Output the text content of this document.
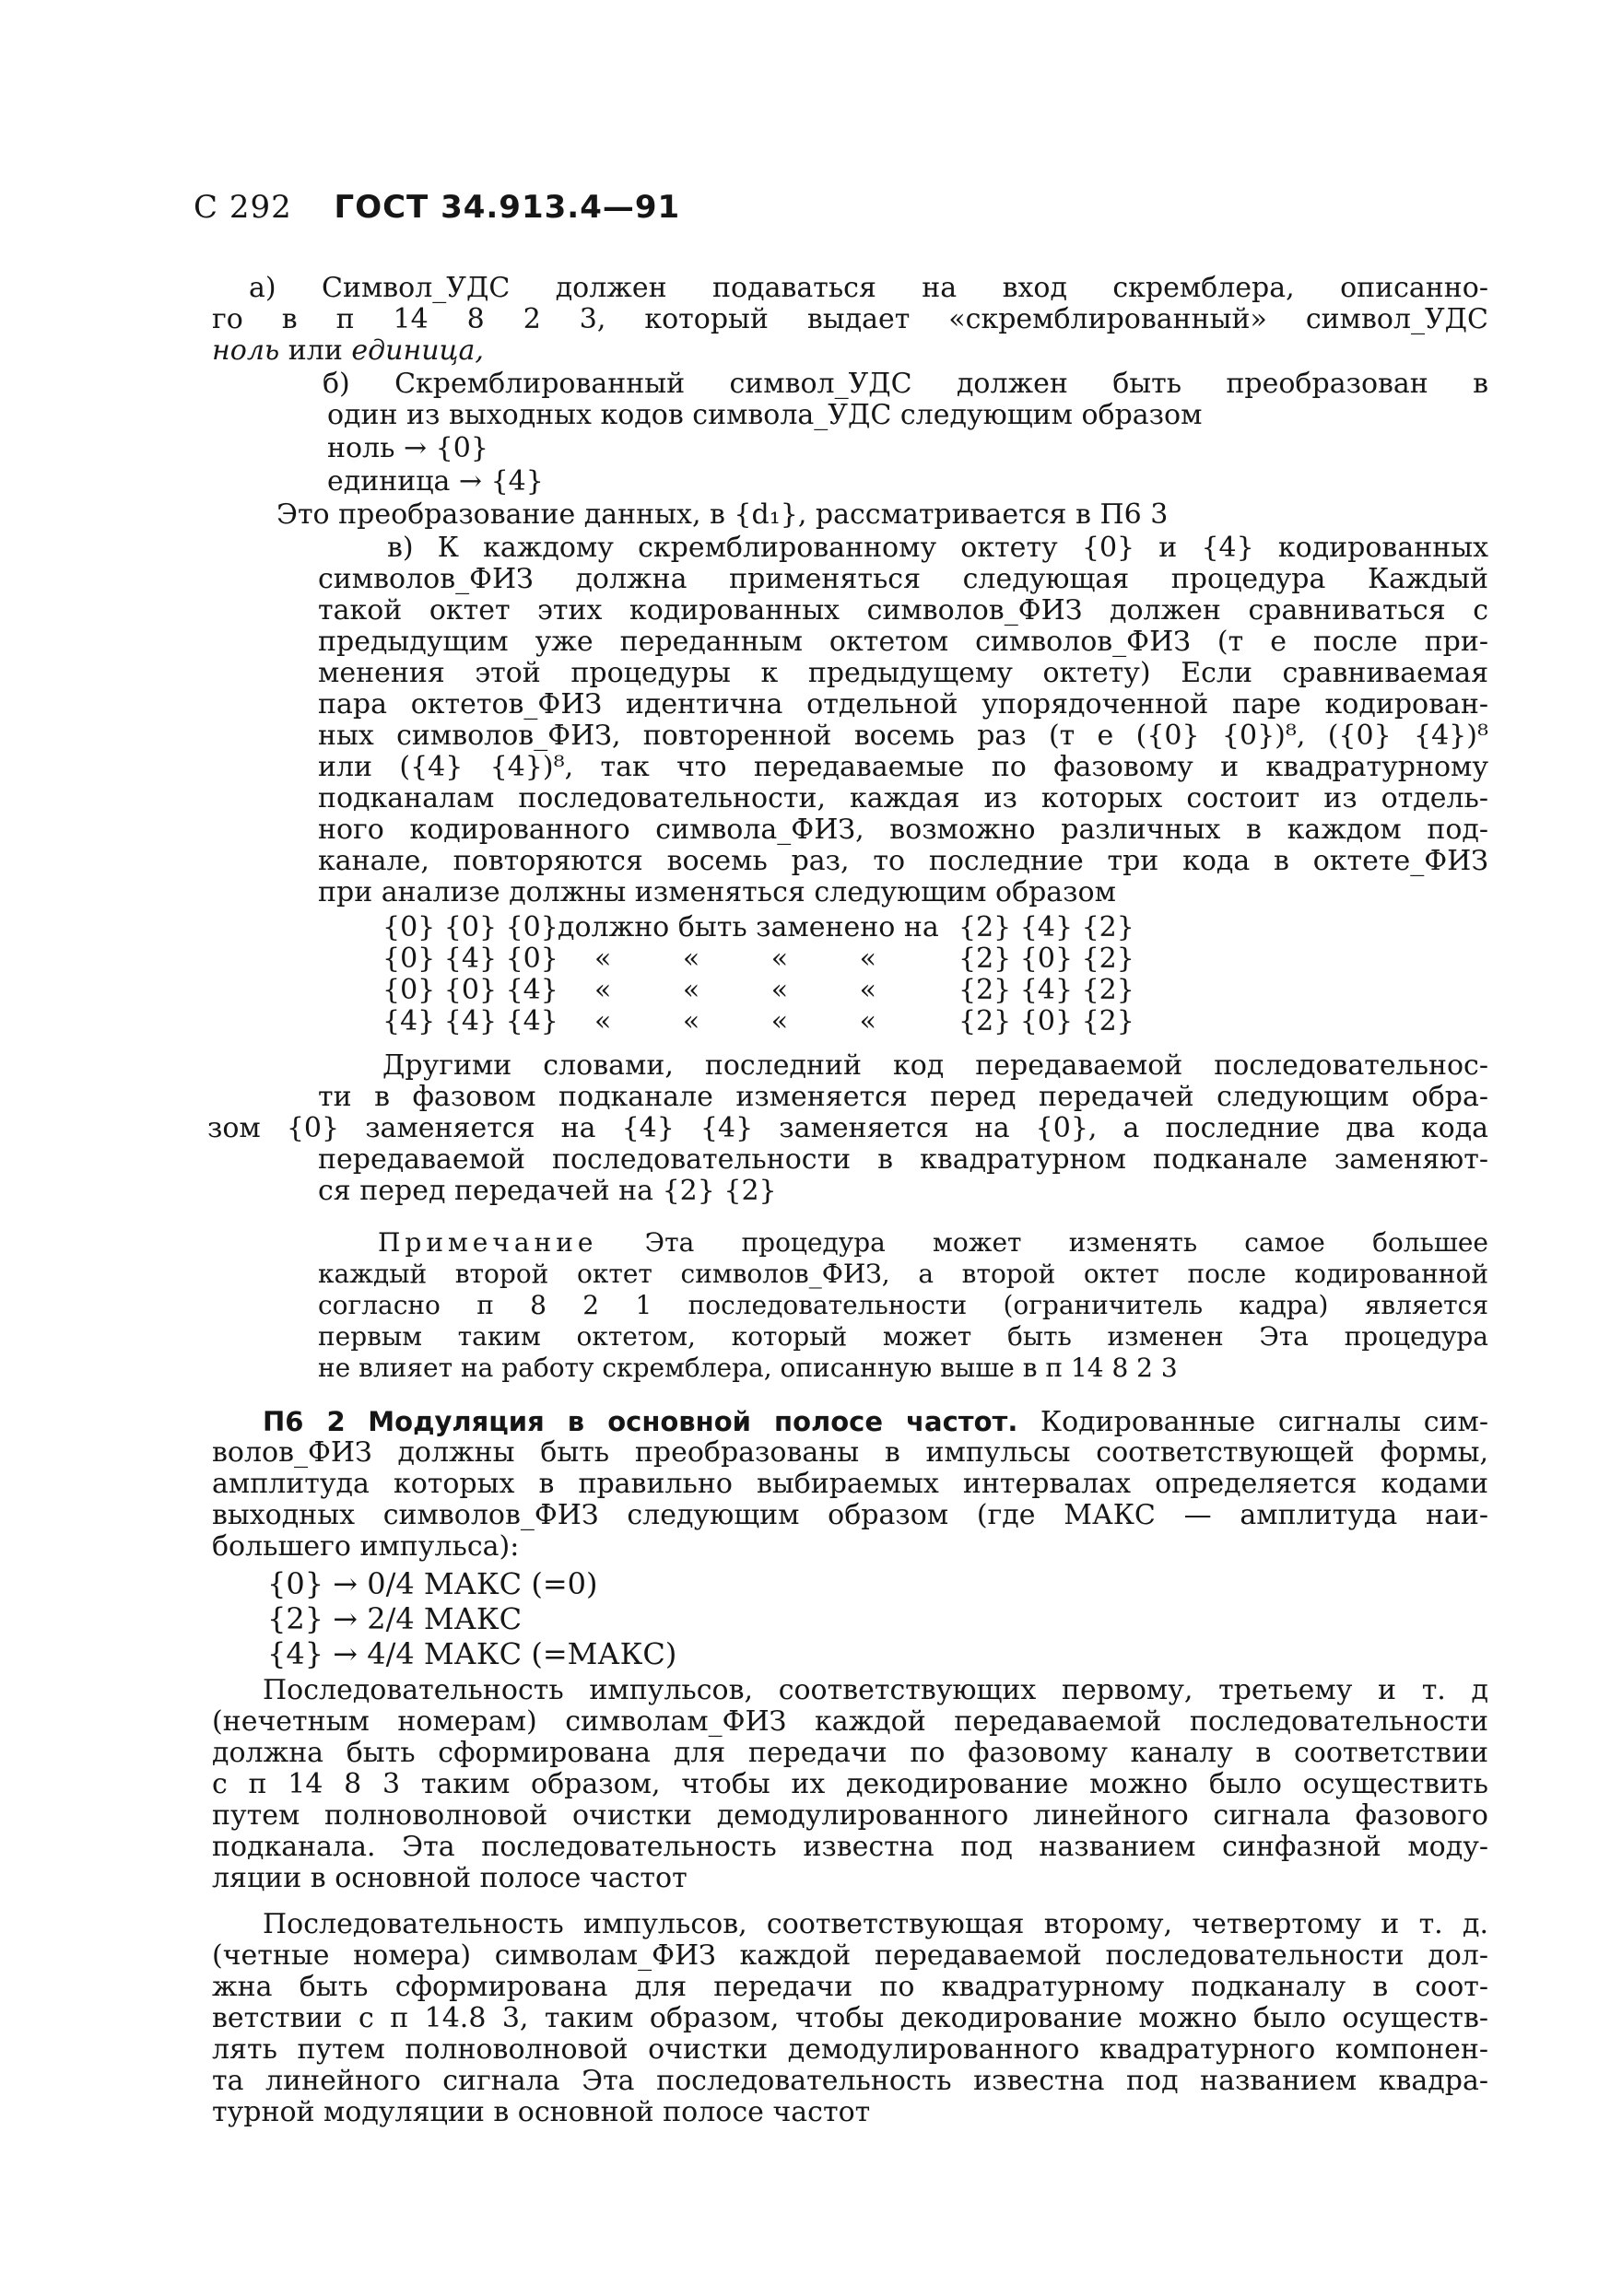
C 292 ГОСТ 34.913.4—91
а) Символ_УДС должен подаваться на вход скремблера, описанно-
го в п 14 8 2 3, который выдает «скремблированный» символ_УДС
ноль или единица,
б) Скремблированный символ_УДС должен быть преобразован в
один из выходных кодов символа_УДС следующим образом
ноль → {0}
единица → {4}
Это преобразование данных, в {d₁}, рассматривается в П6 3
в) К каждому скремблированному октету {0} и {4} кодированных
символов_ФИЗ должна применяться следующая процедура Каждый
такой октет этих кодированных символов_ФИЗ должен сравниваться с
предыдущим уже переданным октетом символов_ФИЗ (т е после при-
менения этой процедуры к предыдущему октету) Если сравниваемая
пара октетов_ФИЗ идентична отдельной упорядоченной паре кодирован-
ных символов_ФИЗ, повторенной восемь раз (т е ({0} {0})⁸, ({0} {4})⁸
или ({4} {4})⁸, так что передаваемые по фазовому и квадратурному
подканалам последовательности, каждая из которых состоит из отдель-
ного кодированного символа_ФИЗ, возможно различных в каждом под-
канале, повторяются восемь раз, то последние три кода в октете_ФИЗ
при анализе должны изменяться следующим образом
{0} {0} {0} должно быть заменено на {2} {4} {2}
{0} {4} {0} « « « «	{2} {0} {2}
{0} {0} {4} « « « «	{2} {4} {2}
{4} {4} {4} « « « «	{2} {0} {2}
Другими словами, последний код передаваемой последовательнос-
ти в фазовом подканале изменяется перед передачей следующим обра-
зом {0} заменяется на {4} {4} заменяется на {0}, а последние два кода
передаваемой последовательности в квадратурном подканале заменяют-
ся перед передачей на {2} {2}
Примечание Эта процедура может изменять самое большее
каждый второй октет символов_ФИЗ, а второй октет после кодированной
согласно п 8 2 1 последовательности (ограничитель кадра) является
первым таким октетом, который может быть изменен Эта процедура
не влияет на работу скремблера, описанную выше в п 14 8 2 3
П6 2 Модуляция в основной полосе частот. Кодированные сигналы сим-
волов_ФИЗ должны быть преобразованы в импульсы соответствующей формы,
амплитуда которых в правильно выбираемых интервалах определяется кодами
выходных символов_ФИЗ следующим образом (где МАКС — амплитуда наи-
большего импульса):
{0} → 0/4 МАКС (=0)
{2} → 2/4 МАКС
{4} → 4/4 МАКС (=МАКС)
Последовательность импульсов, соответствующих первому, третьему и т. д
(нечетным номерам) символам_ФИЗ каждой передаваемой последовательности
должна быть сформирована для передачи по фазовому каналу в соответствии
с п 14 8 3 таким образом, чтобы их декодирование можно было осуществить
путем полноволновой очистки демодулированного линейного сигнала фазового
подканала. Эта последовательность известна под названием синфазной моду-
ляции в основной полосе частот
Последовательность импульсов, соответствующая второму, четвертому и т. д.
(четные номера) символам_ФИЗ каждой передаваемой последовательности дол-
жна быть сформирована для передачи по квадратурному подканалу в соот-
ветствии с п 14.8 3, таким образом, чтобы декодирование можно было осуществ-
лять путем полноволновой очистки демодулированного квадратурного компонен-
та линейного сигнала Эта последовательность известна под названием квадра-
турной модуляции в основной полосе частот
